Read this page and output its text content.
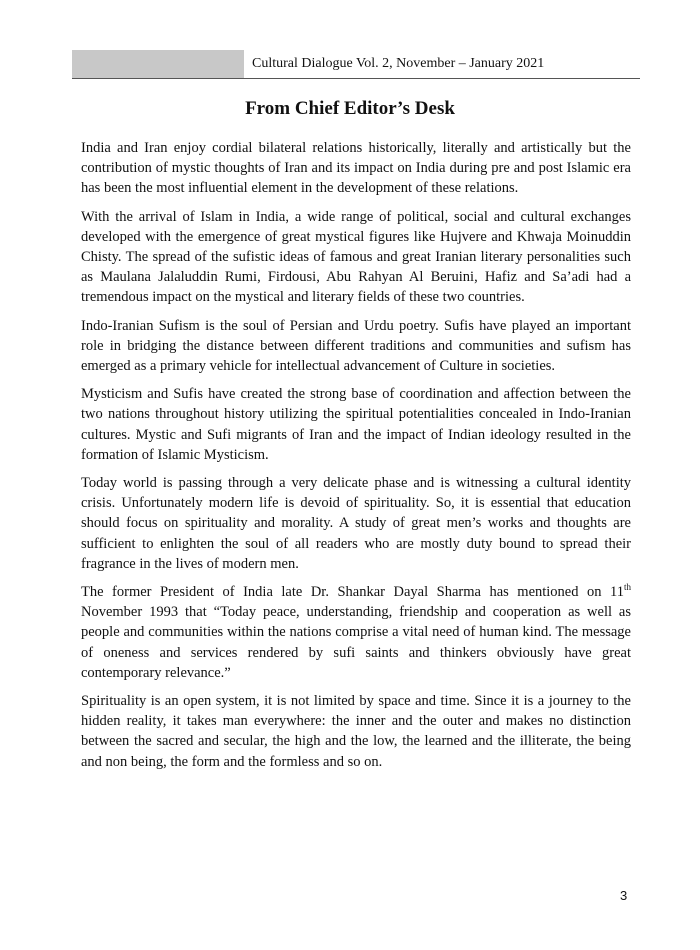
Cultural Dialogue Vol. 2, November – January 2021
From Chief Editor’s Desk

India and Iran enjoy cordial bilateral relations historically, literally and artistically but the contribution of mystic thoughts of Iran and its impact on India during pre and post Islamic era has been the most influential element in the development of these relations.

With the arrival of Islam in India, a wide range of political, social and cultural exchanges developed with the emergence of great mystical figures like Hujvere and Khwaja Moinuddin Chisty. The spread of the sufistic ideas of famous and great Iranian literary personalities such as Maulana Jalaluddin Rumi, Firdousi, Abu Rahyan Al Beruini, Hafiz and Sa’adi had a tremendous impact on the mystical and literary fields of these two countries.

Indo-Iranian Sufism is the soul of Persian and Urdu poetry. Sufis have played an important role in bridging the distance between different traditions and communities and sufism has emerged as a primary vehicle for intellectual advancement of Culture in societies.

Mysticism and Sufis have created the strong base of coordination and affection between the two nations throughout history utilizing the spiritual potentialities concealed in Indo-Iranian cultures. Mystic and Sufi migrants of Iran and the impact of Indian ideology resulted in the formation of Islamic Mysticism.

Today world is passing through a very delicate phase and is witnessing a cultural identity crisis. Unfortunately modern life is devoid of spirituality. So, it is essential that education should focus on spirituality and morality. A study of great men’s works and thoughts are sufficient to enlighten the soul of all readers who are mostly duty bound to spread their fragrance in the lives of modern men.

The former President of India late Dr. Shankar Dayal Sharma has mentioned on 11th November 1993 that “Today peace, understanding, friendship and cooperation as well as people and communities within the nations comprise a vital need of human kind. The message of oneness and services rendered by sufi saints and thinkers obviously have great contemporary relevance.”

Spirituality is an open system, it is not limited by space and time. Since it is a journey to the hidden reality, it takes man everywhere: the inner and the outer and makes no distinction between the sacred and secular, the high and the low, the learned and the illiterate, the being and non being, the form and the formless and so on.

3
